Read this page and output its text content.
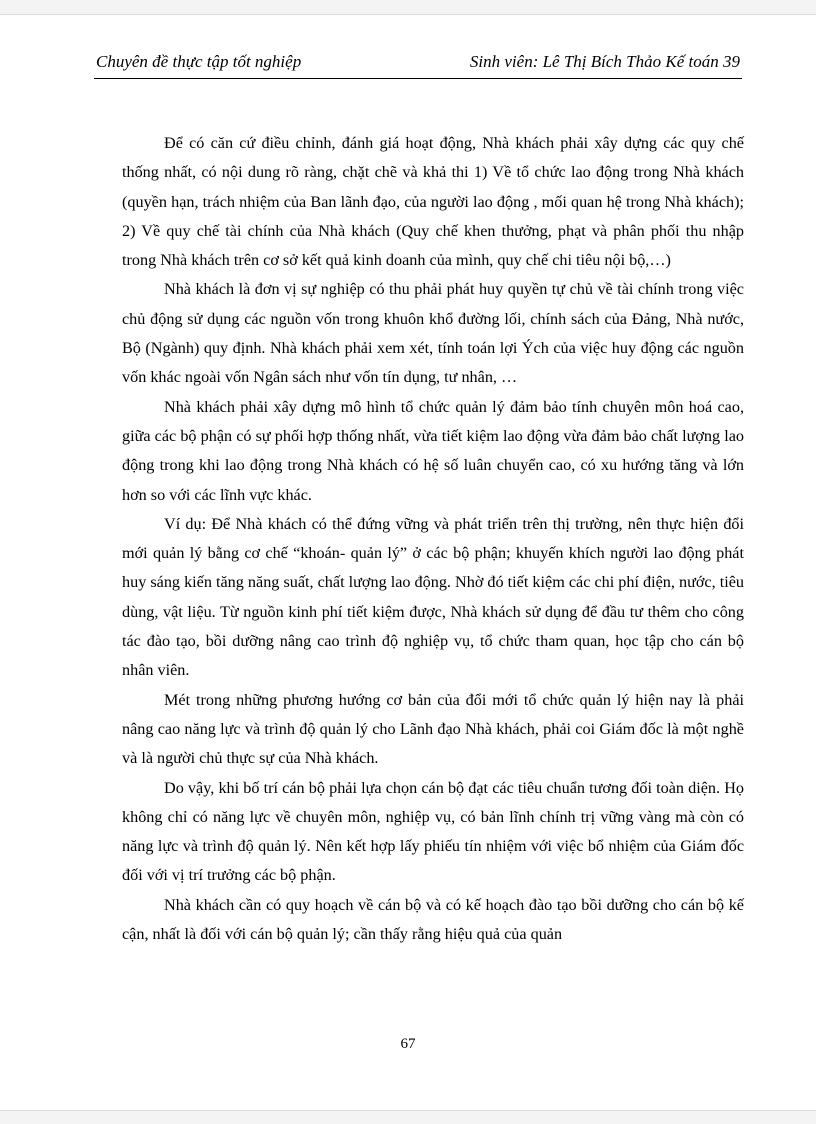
Chuyên đề thực tập tốt nghiệp	Sinh viên: Lê Thị Bích Thảo Kế toán 39

Để có căn cứ điều chỉnh, đánh giá hoạt động, Nhà khách phải xây dựng các quy chế thống nhất, có nội dung rõ ràng, chặt chẽ và khả thi 1) Về tổ chức lao động trong Nhà khách (quyền hạn, trách nhiệm của Ban lãnh đạo, của người lao động , mối quan hệ trong Nhà khách); 2) Về quy chế tài chính của Nhà khách (Quy chế khen thưởng, phạt và phân phối thu nhập trong Nhà khách trên cơ sở kết quả kinh doanh của mình, quy chế chi tiêu nội bộ,…)

Nhà khách là đơn vị sự nghiệp có thu phải phát huy quyền tự chủ về tài chính trong việc chủ động sử dụng các nguồn vốn trong khuôn khổ đường lối, chính sách của Đảng, Nhà nước, Bộ (Ngành) quy định. Nhà khách phải xem xét, tính toán lợi Ých của việc huy động các nguồn vốn khác ngoài vốn Ngân sách như vốn tín dụng, tư nhân, …

Nhà khách phải xây dựng mô hình tổ chức quản lý đảm bảo tính chuyên môn hoá cao, giữa các bộ phận có sự phối hợp thống nhất, vừa tiết kiệm lao động vừa đảm bảo chất lượng lao động trong khi lao động trong Nhà khách có hệ số luân chuyển cao, có xu hướng tăng và lớn hơn so với các lĩnh vực khác.

Ví dụ: Để Nhà khách có thể đứng vững và phát triển trên thị trường, nên thực hiện đổi mới quản lý bằng cơ chế “khoán- quản lý” ở các bộ phận; khuyến khích người lao động phát huy sáng kiến tăng năng suất, chất lượng lao động. Nhờ đó tiết kiệm các chi phí điện, nước, tiêu dùng, vật liệu. Từ nguồn kinh phí tiết kiệm được, Nhà khách sử dụng để đầu tư thêm cho công tác đào tạo, bồi dưỡng nâng cao trình độ nghiệp vụ, tổ chức tham quan, học tập cho cán bộ nhân viên.

Mét trong những phương hướng cơ bản của đổi mới tổ chức quản lý hiện nay là phải nâng cao năng lực và trình độ quản lý cho Lãnh đạo Nhà khách, phải coi Giám đốc là một nghề và là người chủ thực sự của Nhà khách.

Do vậy, khi bố trí cán bộ phải lựa chọn cán bộ đạt các tiêu chuẩn tương đối toàn diện. Họ không chỉ có năng lực về chuyên môn, nghiệp vụ, có bản lĩnh chính trị vững vàng mà còn có năng lực và trình độ quản lý. Nên kết hợp lấy phiếu tín nhiệm với việc bổ nhiệm của Giám đốc đối với vị trí trưởng các bộ phận.

Nhà khách cần có quy hoạch về cán bộ và có kế hoạch đào tạo bồi dưỡng cho cán bộ kế cận, nhất là đối với cán bộ quản lý; cần thấy rằng hiệu quả của quản

67
